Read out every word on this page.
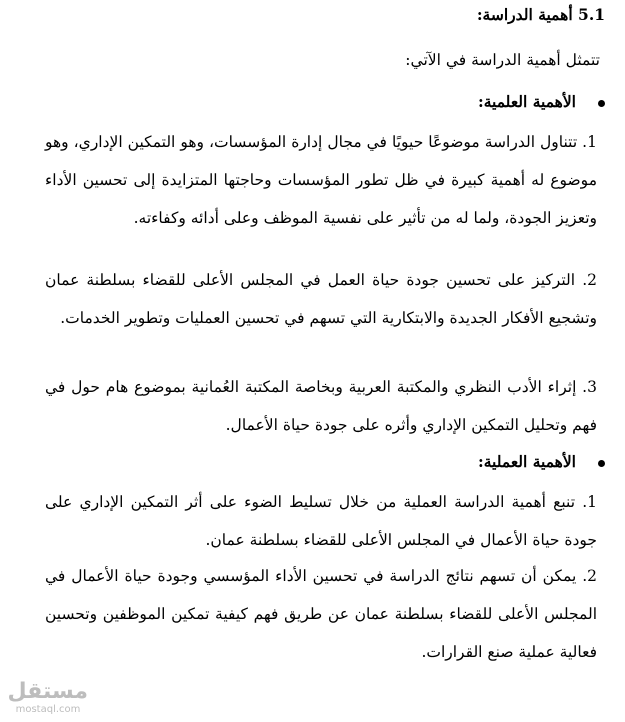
5.1 أهمية الدراسة:
تتمثل أهمية الدراسة في الآتي:
الأهمية العلمية:
1. تتناول الدراسة موضوعًا حيويًا في مجال إدارة المؤسسات، وهو التمكين الإداري، وهو موضوع له أهمية كبيرة في ظل تطور المؤسسات وحاجتها المتزايدة إلى تحسين الأداء وتعزيز الجودة، ولما له من تأثير على نفسية الموظف وعلى أدائه وكفاءته.
2. التركيز على تحسين جودة حياة العمل في المجلس الأعلى للقضاء بسلطنة عمان وتشجيع الأفكار الجديدة والابتكارية التي تسهم في تحسين العمليات وتطوير الخدمات.
3. إثراء الأدب النظري والمكتبة العربية وبخاصة المكتبة العُمانية بموضوع هام حول في فهم وتحليل التمكين الإداري وأثره على جودة حياة الأعمال.
الأهمية العملية:
1. تنبع أهمية الدراسة العملية من خلال تسليط الضوء على أثر التمكين الإداري على جودة حياة الأعمال في المجلس الأعلى للقضاء بسلطنة عمان.
2. يمكن أن تسهم نتائج الدراسة في تحسين الأداء المؤسسي وجودة حياة الأعمال في المجلس الأعلى للقضاء بسلطنة عمان عن طريق فهم كيفية تمكين الموظفين وتحسين فعالية عملية صنع القرارات.
مستقل
mostaql.com
